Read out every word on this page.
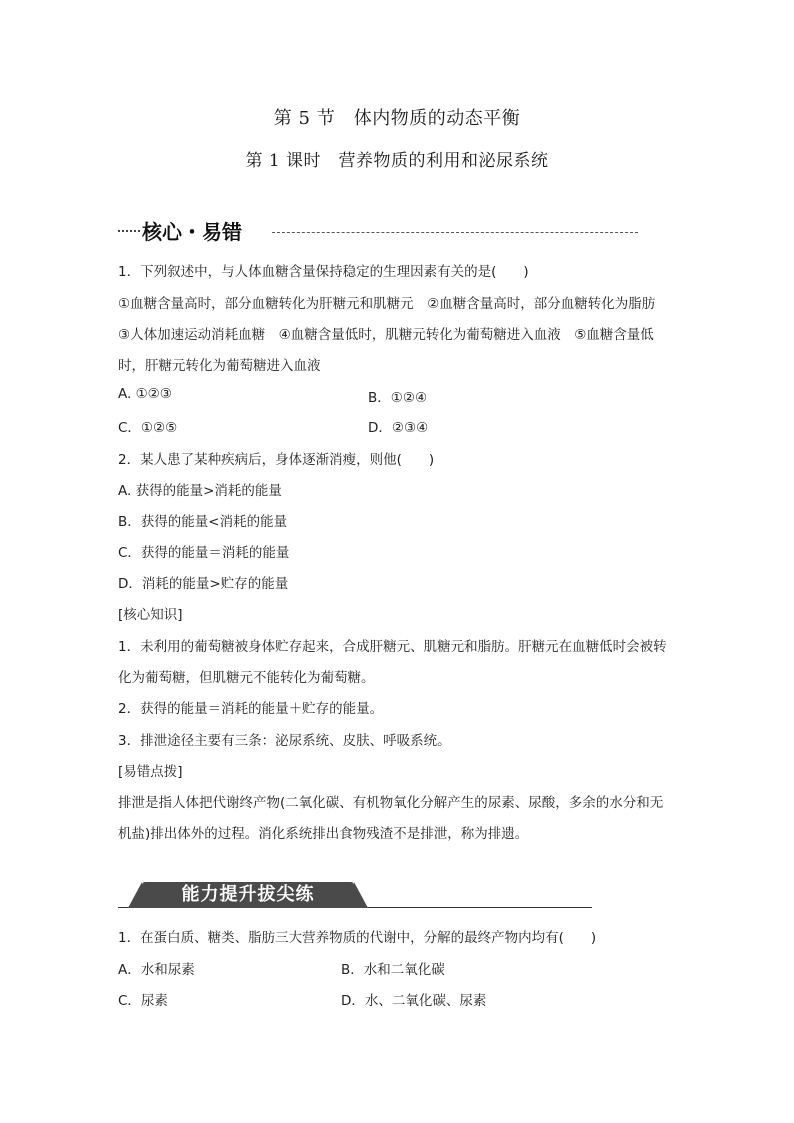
第 5 节　体内物质的动态平衡
第 1 课时　营养物质的利用和泌尿系统
核心・易错
1．下列叙述中，与人体血糖含量保持稳定的生理因素有关的是(　　)
①血糖含量高时，部分血糖转化为肝糖元和肌糖元　②血糖含量高时，部分血糖转化为脂肪
③人体加速运动消耗血糖　④血糖含量低时，肌糖元转化为葡萄糖进入血液　⑤血糖含量低
时，肝糖元转化为葡萄糖进入血液
A. ①②③	B．①②④
C．①②⑤	D．②③④
2．某人患了某种疾病后，身体逐渐消瘦，则他(　　)
A. 获得的能量>消耗的能量
B．获得的能量<消耗的能量
C．获得的能量＝消耗的能量
D．消耗的能量>贮存的能量
[核心知识]
1．未利用的葡萄糖被身体贮存起来，合成肝糖元、肌糖元和脂肪。肝糖元在血糖低时会被转
化为葡萄糖，但肌糖元不能转化为葡萄糖。
2．获得的能量＝消耗的能量＋贮存的能量。
3．排泄途径主要有三条：泌尿系统、皮肤、呼吸系统。
[易错点拨]
排泄是指人体把代谢终产物(二氧化碳、有机物氧化分解产生的尿素、尿酸，多余的水分和无
机盐)排出体外的过程。消化系统排出食物残渣不是排泄，称为排遗。
能力提升拔尖练
1．在蛋白质、糖类、脂肪三大营养物质的代谢中，分解的最终产物内均有(　　)
A．水和尿素	B．水和二氧化碳
C．尿素	D．水、二氧化碳、尿素
